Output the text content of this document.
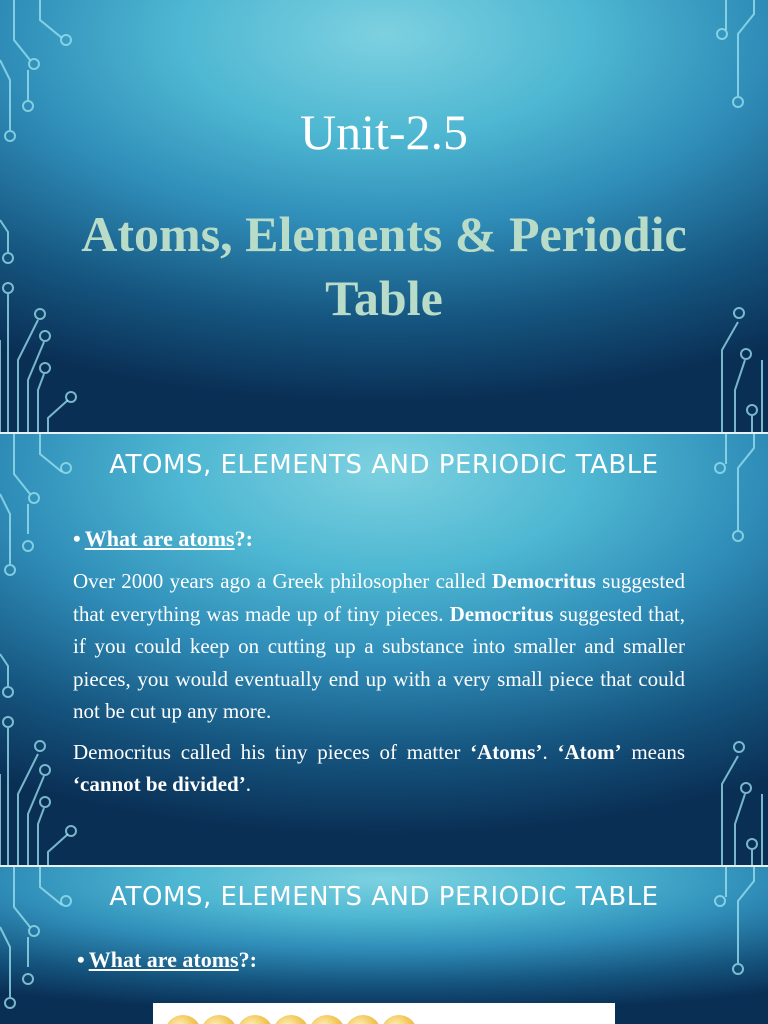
Unit-2.5
Atoms, Elements & Periodic Table
ATOMS, ELEMENTS AND PERIODIC TABLE
• What are atoms?:

Over 2000 years ago a Greek philosopher called Democritus suggested that everything was made up of tiny pieces. Democritus suggested that, if you could keep on cutting up a substance into smaller and smaller pieces, you would eventually end up with a very small piece that could not be cut up any more.

Democritus called his tiny pieces of matter ‘Atoms’. ‘Atom’ means ‘cannot be divided’.

ATOMS, ELEMENTS AND PERIODIC TABLE
• What are atoms?:
